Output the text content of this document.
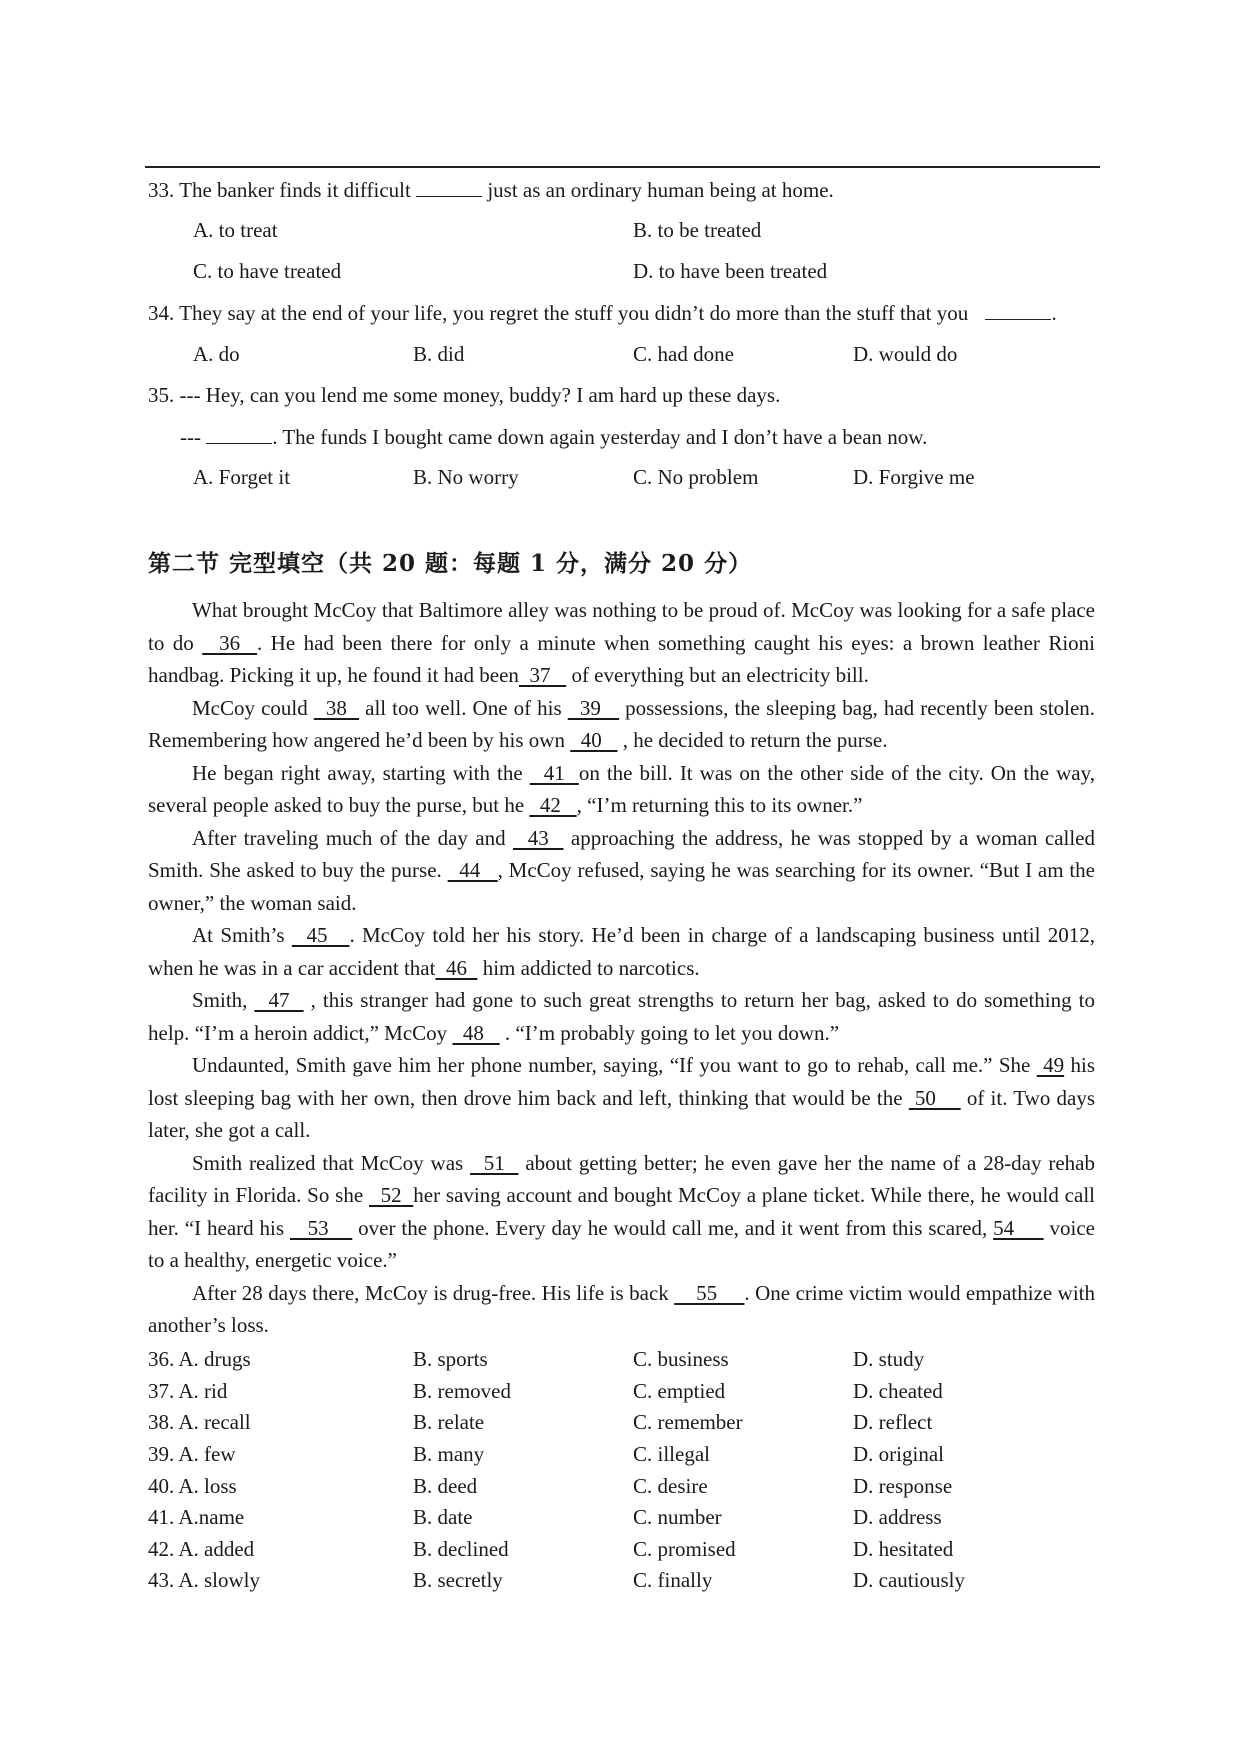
33. The banker finds it difficult	just as an ordinary human being at home.
A. to treat	B. to be treated
C. to have treated	D. to have been treated
34. They say at the end of your life, you regret the stuff you didn’t do more than the stuff that you	.
A. do	B. did	C. had done	D. would do
35. --- Hey, can you lend me some money, buddy? I am hard up these days.
---	. The funds I bought came down again yesterday and I don’t have a bean now.
A. Forget it	B. No worry	C. No problem	D. Forgive me
第二节 完型填空（共 20 题：每题 1 分，满分 20 分）

What brought McCoy that Baltimore alley was nothing to be proud of. McCoy was looking for a safe place to do   36  . He had been there for only a minute when something caught his eyes: a brown leather Rioni handbag. Picking it up, he found it had been  37    of everything but an electricity bill.

McCoy could   38   all too well. One of his   39    possessions, the sleeping bag, had recently been stolen. Remembering how angered he’d been by his own   40    , he decided to return the purse.

He began right away, starting with the   41  on the bill. It was on the other side of the city. On the way, several people asked to buy the purse, but he   42   , “I’m returning this to its owner.”

After traveling much of the day and   43   approaching the address, he was stopped by a woman called Smith. She asked to buy the purse.   44   , McCoy refused, saying he was searching for its owner. “But I am the owner,” the woman said.

At Smith’s   45   . McCoy told her his story. He’d been in charge of a landscaping business until 2012, when he was in a car accident that  46   him addicted to narcotics.

Smith,   47   , this stranger had gone to such great strengths to return her bag, asked to do something to help. “I’m a heroin addict,” McCoy   48    . “I’m probably going to let you down.”

Undaunted, Smith gave him her phone number, saying, “If you want to go to rehab, call me.” She  49 his lost sleeping bag with her own, then drove him back and left, thinking that would be the  50     of it. Two days later, she got a call.

Smith realized that McCoy was   51   about getting better; he even gave her the name of a 28-day rehab facility in Florida. So she   52  her saving account and bought McCoy a plane ticket. While there, he would call her. “I heard his    53     over the phone. Every day he would call me, and it went from this scared, 54      voice to a healthy, energetic voice.”

After 28 days there, McCoy is drug-free. His life is back     55     . One crime victim would empathize with another’s loss.

36. A. drugs	B. sports	C. business	D. study
37. A. rid	B. removed	C. emptied	D. cheated
38. A. recall	B. relate	C. remember	D. reflect
39. A. few	B. many	C. illegal	D. original
40. A. loss	B. deed	C. desire	D. response
41. A.name	B. date	C. number	D. address
42. A. added	B. declined	C. promised	D. hesitated
43. A. slowly	B. secretly	C. finally	D. cautiously
